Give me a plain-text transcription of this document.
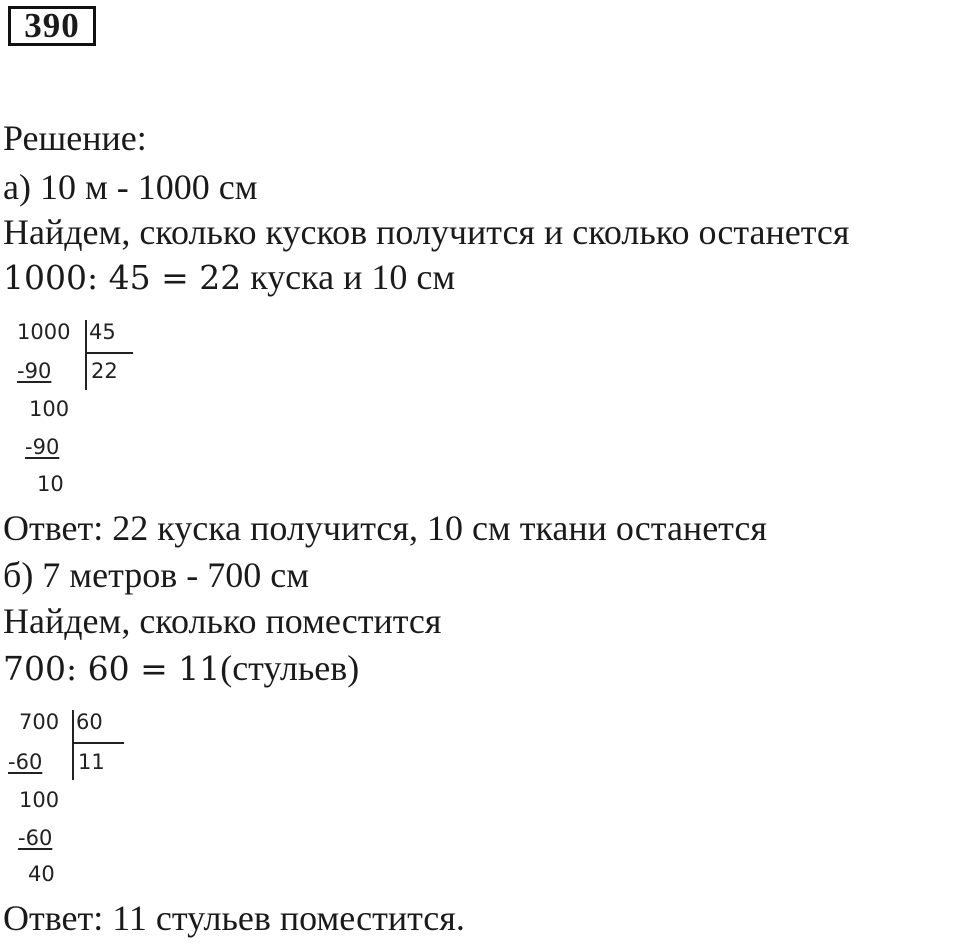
390
Решение:
а) 10 м - 1000 см
Найдем, сколько кусков получится и сколько останется
1000: 45 = 22 куска и 10 см
1000 45
-90 22
100
-90
10
Ответ: 22 куска получится, 10 см ткани останется
б) 7 метров - 700 см
Найдем, сколько поместится
700: 60 = 11(стульев)
700 60
-60 11
100
-60
40
Ответ: 11 стульев поместится.
